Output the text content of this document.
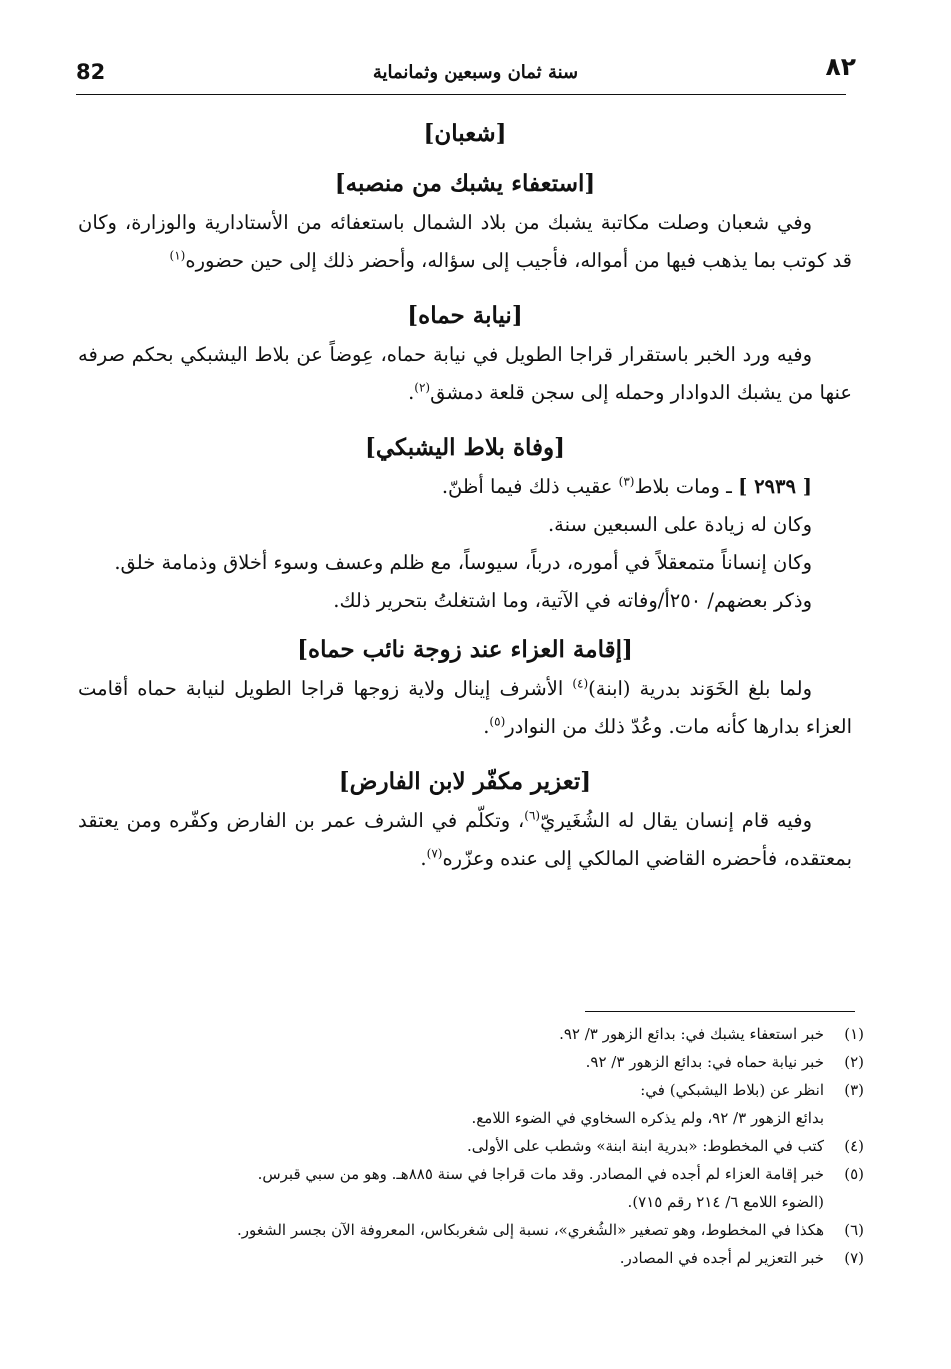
82	سنة ثمان وسبعين وثمانماية	٨٢
[شعبان]
[استعفاء يشبك من منصبه]

وفي شعبان وصلت مكاتبة يشبك من بلاد الشمال باستعفائه من الأستادارية والوزارة، وكان قد كوتب بما يذهب فيها من أمواله، فأجيب إلى سؤاله، وأحضر ذلك إلى حين حضوره$^{(١)}$

[نيابة حماه]

وفيه ورد الخبر باستقرار قراجا الطويل في نيابة حماه، عِوضاً عن بلاط اليشبكي بحكم صرفه عنها من يشبك الدوادار وحمله إلى سجن قلعة دمشق$^{(٢)}$.

[وفاة بلاط اليشبكي]

[ ٢٩٣٩ ] ـ ومات بلاط$^{(٣)}$ عقيب ذلك فيما أظنّ.

وكان له زيادة على السبعين سنة.

وكان إنساناً متمعقلاً في أموره، درباً، سيوساً، مع ظلم وعسف وسوء أخلاق وذمامة خلق.

وذكر بعضهم/ ٢٥٠أ/وفاته في الآتية، وما اشتغلتُ بتحرير ذلك.

[إقامة العزاء عند زوجة نائب حماه]

ولما بلغ الخَوَند بدرية (ابنة)$^{(٤)}$ الأشرف إينال ولاية زوجها قراجا الطويل لنيابة حماه أقامت العزاء بدارها كأنه مات. وعُدّ ذلك من النوادر$^{(٥)}$.

[تعزير مكفّر لابن الفارض]

وفيه قام إنسان يقال له الشُغَيريّ$^{(٦)}$، وتكلّم في الشرف عمر بن الفارض وكفّره ومن يعتقد بمعتقده، فأحضره القاضي المالكي إلى عنده وعزّره$^{(٧)}$.

(١)
خبر استعفاء يشبك في: بدائع الزهور ٣/ ٩٢.
(٢)
خبر نيابة حماه في: بدائع الزهور ٣/ ٩٢.
(٣)
انظر عن (بلاط اليشبكي) في:
بدائع الزهور ٣/ ٩٢، ولم يذكره السخاوي في الضوء اللامع.
(٤)
كتب في المخطوط: «بدرية ابنة ابنة» وشطب على الأولى.
(٥)
خبر إقامة العزاء لم أجده في المصادر. وقد مات قراجا في سنة ٨٨٥هـ. وهو من سبي قبرس.
(الضوء اللامع ٦/ ٢١٤ رقم ٧١٥).
(٦)
هكذا في المخطوط، وهو تصغير «الشُغري»، نسبة إلى شغربكاس، المعروفة الآن بجسر الشغور.
(٧)
خبر التعزير لم أجده في المصادر.
